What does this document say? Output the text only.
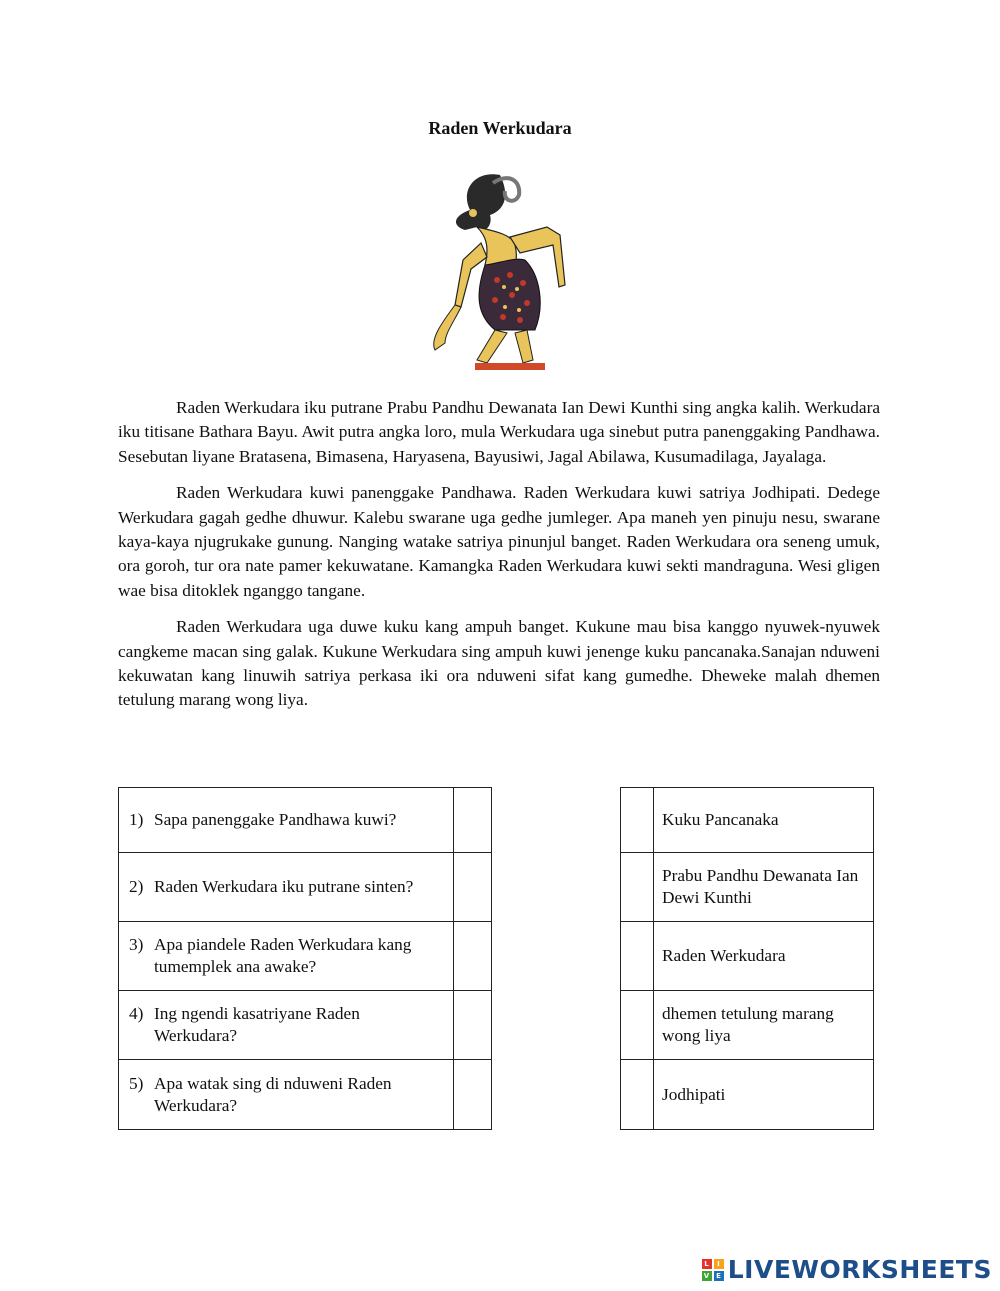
Raden Werkudara

Raden Werkudara iku putrane Prabu Pandhu Dewanata Ian Dewi Kunthi sing angka kalih. Werkudara iku titisane Bathara Bayu. Awit putra angka loro, mula Werkudara uga sinebut putra panenggaking Pandhawa. Sesebutan liyane Bratasena, Bimasena, Haryasena, Bayusiwi, Jagal Abilawa, Kusumadilaga, Jayalaga.

Raden Werkudara kuwi panenggake Pandhawa. Raden Werkudara kuwi satriya Jodhipati. Dedege Werkudara gagah gedhe dhuwur. Kalebu swarane uga gedhe jumleger. Apa maneh yen pinuju nesu, swarane kaya-kaya njugrukake gunung. Nanging watake satriya pinunjul banget. Raden Werkudara ora seneng umuk, ora goroh, tur ora nate pamer kekuwatane. Kamangka Raden Werkudara kuwi sekti mandraguna. Wesi gligen wae bisa ditoklek nganggo tangane.

Raden Werkudara uga duwe kuku kang ampuh banget. Kukune mau bisa kanggo nyuwek-nyuwek cangkeme macan sing galak. Kukune Werkudara sing ampuh kuwi jenenge kuku pancanaka.Sanajan nduweni kekuwatan kang linuwih satriya perkasa iki ora nduweni sifat kang gumedhe. Dheweke malah dhemen tetulung marang wong liya.

1) Sapa panenggake Pandhawa kuwi?	

2) Raden Werkudara iku putrane sinten?	

3) Apa piandele Raden Werkudara kang tumemplek ana awake?	

4) Ing ngendi kasatriyane Raden Werkudara?	

5) Apa watak sing di nduweni Raden Werkudara?	

	Kuku Pancanaka
	Prabu Pandhu Dewanata Ian Dewi Kunthi
	Raden Werkudara
	dhemen tetulung marang wong liya
	Jodhipati
L	I
V E LIVEWORKSHEETS
